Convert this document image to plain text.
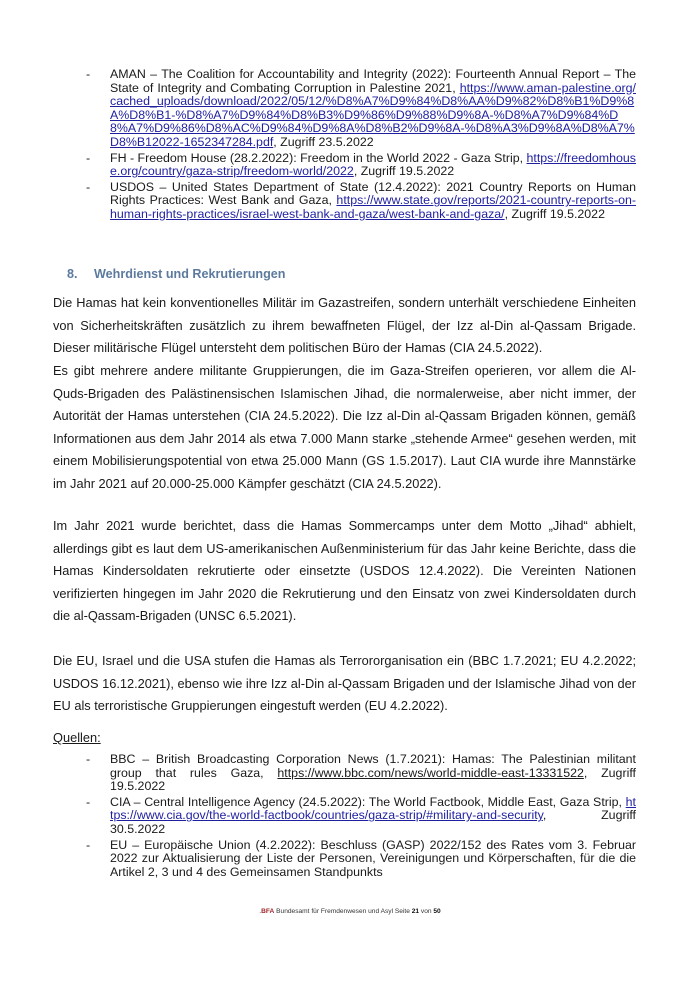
-	AMAN – The Coalition for Accountability and Integrity (2022): Fourteenth Annual Report – The State of Integrity and Combating Corruption in Palestine 2021, https://www.aman-palestine.org/cached_uploads/download/2022/05/12/%D8%A7%D9%84%D8%AA%D9%82%D8%B1%D9%8A%D8%B1-%D8%A7%D9%84%D8%B3%D9%86%D9%88%D9%8A-%D8%A7%D9%84%D8%A7%D9%86%D8%AC%D9%84%D9%8A%D8%B2%D9%8A-%D8%A3%D9%8A%D8%A7%D8%B12022-1652347284.pdf, Zugriff 23.5.2022
-	FH - Freedom House (28.2.2022): Freedom in the World 2022 - Gaza Strip, https://freedomhouse.org/country/gaza-strip/freedom-world/2022, Zugriff 19.5.2022
-	USDOS – United States Department of State (12.4.2022): 2021 Country Reports on Human Rights Practices: West Bank and Gaza, https://www.state.gov/reports/2021-country-reports-on-human-rights-practices/israel-west-bank-and-gaza/west-bank-and-gaza/, Zugriff 19.5.2022
8. Wehrdienst und Rekrutierungen

Die Hamas hat kein konventionelles Militär im Gazastreifen, sondern unterhält verschiedene Einheiten von Sicherheitskräften zusätzlich zu ihrem bewaffneten Flügel, der Izz al-Din al-Qassam Brigade. Dieser militärische Flügel untersteht dem politischen Büro der Hamas (CIA 24.5.2022).

Es gibt mehrere andere militante Gruppierungen, die im Gaza-Streifen operieren, vor allem die Al-Quds-Brigaden des Palästinensischen Islamischen Jihad, die normalerweise, aber nicht immer, der Autorität der Hamas unterstehen (CIA 24.5.2022). Die Izz al-Din al-Qassam Brigaden können, gemäß Informationen aus dem Jahr 2014 als etwa 7.000 Mann starke „stehende Armee“ gesehen werden, mit einem Mobilisierungspotential von etwa 25.000 Mann (GS 1.5.2017). Laut CIA wurde ihre Mannstärke im Jahr 2021 auf 20.000-25.000 Kämpfer geschätzt (CIA 24.5.2022).

Im Jahr 2021 wurde berichtet, dass die Hamas Sommercamps unter dem Motto „Jihad“ abhielt, allerdings gibt es laut dem US-amerikanischen Außenministerium für das Jahr keine Berichte, dass die Hamas Kindersoldaten rekrutierte oder einsetzte (USDOS 12.4.2022). Die Vereinten Nationen verifizierten hingegen im Jahr 2020 die Rekrutierung und den Einsatz von zwei Kindersoldaten durch die al-Qassam-Brigaden (UNSC 6.5.2021).

Die EU, Israel und die USA stufen die Hamas als Terrororganisation ein (BBC 1.7.2021; EU 4.2.2022; USDOS 16.12.2021), ebenso wie ihre Izz al-Din al-Qassam Brigaden und der Islamische Jihad von der EU als terroristische Gruppierungen eingestuft werden (EU 4.2.2022).

Quellen:

-	BBC – British Broadcasting Corporation News (1.7.2021): Hamas: The Palestinian militant group that rules Gaza, https://www.bbc.com/news/world-middle-east-13331522, Zugriff 19.5.2022
-	CIA – Central Intelligence Agency (24.5.2022): The World Factbook, Middle East, Gaza Strip, https://www.cia.gov/the-world-factbook/countries/gaza-strip/#military-and-security, Zugriff 30.5.2022
-	EU – Europäische Union (4.2.2022): Beschluss (GASP) 2022/152 des Rates vom 3. Februar 2022 zur Aktualisierung der Liste der Personen, Vereinigungen und Körperschaften, für die die Artikel 2, 3 und 4 des Gemeinsamen Standpunkts
.BFA Bundesamt für Fremdenwesen und Asyl Seite 21 von 50
